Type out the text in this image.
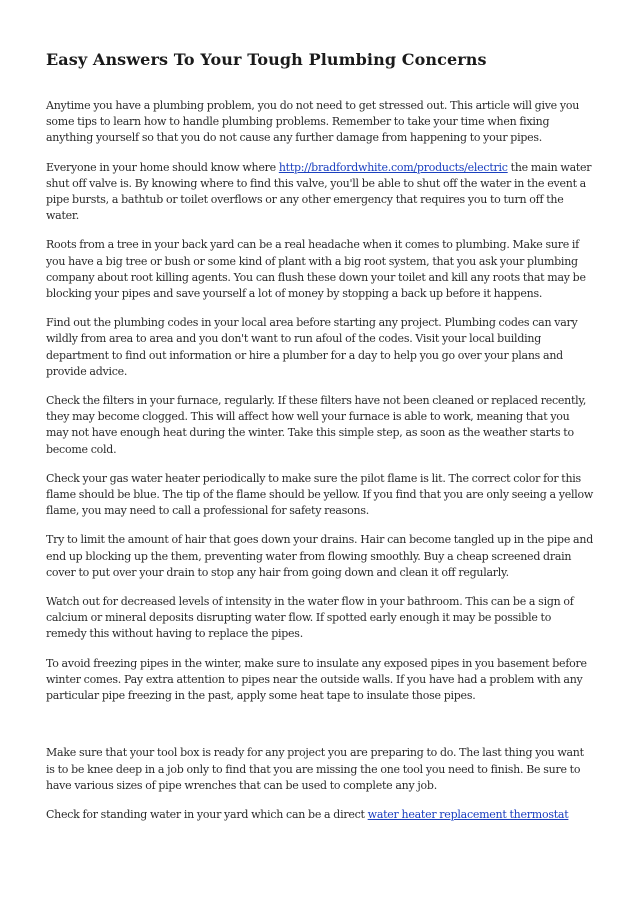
Easy Answers To Your Tough Plumbing Concerns

Anytime you have a plumbing problem, you do not need to get stressed out. This article will give you some tips to learn how to handle plumbing problems. Remember to take your time when fixing anything yourself so that you do not cause any further damage from happening to your pipes.

Everyone in your home should know where http://bradfordwhite.com/products/electric the main water shut off valve is. By knowing where to find this valve, you'll be able to shut off the water in the event a pipe bursts, a bathtub or toilet overflows or any other emergency that requires you to turn off the water.

Roots from a tree in your back yard can be a real headache when it comes to plumbing. Make sure if you have a big tree or bush or some kind of plant with a big root system, that you ask your plumbing company about root killing agents. You can flush these down your toilet and kill any roots that may be blocking your pipes and save yourself a lot of money by stopping a back up before it happens.

Find out the plumbing codes in your local area before starting any project. Plumbing codes can vary wildly from area to area and you don't want to run afoul of the codes. Visit your local building department to find out information or hire a plumber for a day to help you go over your plans and provide advice.

Check the filters in your furnace, regularly. If these filters have not been cleaned or replaced recently, they may become clogged. This will affect how well your furnace is able to work, meaning that you may not have enough heat during the winter. Take this simple step, as soon as the weather starts to become cold.

Check your gas water heater periodically to make sure the pilot flame is lit. The correct color for this flame should be blue. The tip of the flame should be yellow. If you find that you are only seeing a yellow flame, you may need to call a professional for safety reasons.

Try to limit the amount of hair that goes down your drains. Hair can become tangled up in the pipe and end up blocking up the them, preventing water from flowing smoothly. Buy a cheap screened drain cover to put over your drain to stop any hair from going down and clean it off regularly.

Watch out for decreased levels of intensity in the water flow in your bathroom. This can be a sign of calcium or mineral deposits disrupting water flow. If spotted early enough it may be possible to remedy this without having to replace the pipes.

To avoid freezing pipes in the winter, make sure to insulate any exposed pipes in you basement before winter comes. Pay extra attention to pipes near the outside walls. If you have had a problem with any particular pipe freezing in the past, apply some heat tape to insulate those pipes.

Make sure that your tool box is ready for any project you are preparing to do. The last thing you want is to be knee deep in a job only to find that you are missing the one tool you need to finish. Be sure to have various sizes of pipe wrenches that can be used to complete any job.

Check for standing water in your yard which can be a direct water heater replacement thermostat
